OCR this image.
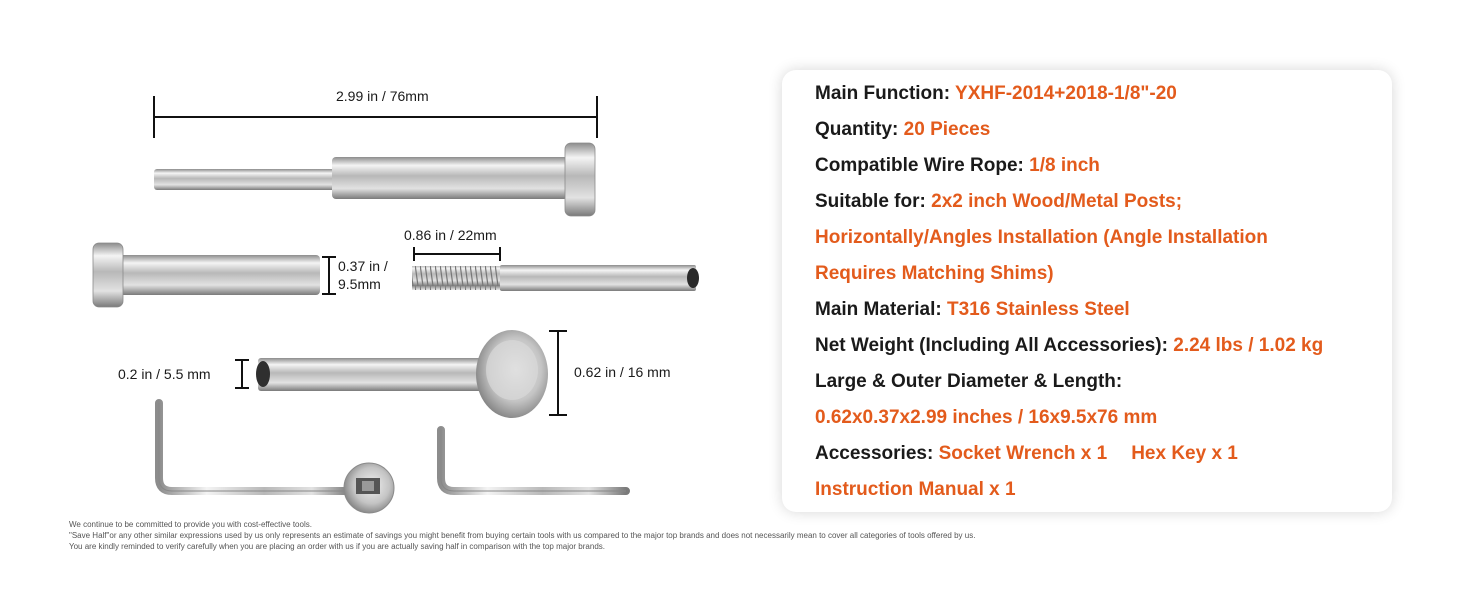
2.99 in / 76mm
0.37 in /
9.5mm
0.86 in / 22mm
0.2 in / 5.5 mm	0.62 in / 16 mm
Main Function: YXHF-2014+2018-1/8"-20
Quantity: 20 Pieces
Compatible Wire Rope: 1/8 inch
Suitable for: 2x2 inch Wood/Metal Posts;
Horizontally/Angles Installation (Angle Installation
Requires Matching Shims)
Main Material: T316 Stainless Steel
Net Weight (Including All Accessories): 2.24 lbs / 1.02 kg
Large & Outer Diameter & Length:
0.62x0.37x2.99 inches / 16x9.5x76 mm
Accessories: Socket Wrench x 1 Hex Key x 1
Instruction Manual x 1
We continue to be committed to provide you with cost-effective tools.
"Save Half"or any other similar expressions used by us only represents an estimate of savings you might benefit from buying certain tools with us compared to the major top brands and does not necessarily mean to cover all categories of tools offered by us.
You are kindly reminded to verify carefully when you are placing an order with us if you are actually saving half in comparison with the top major brands.
